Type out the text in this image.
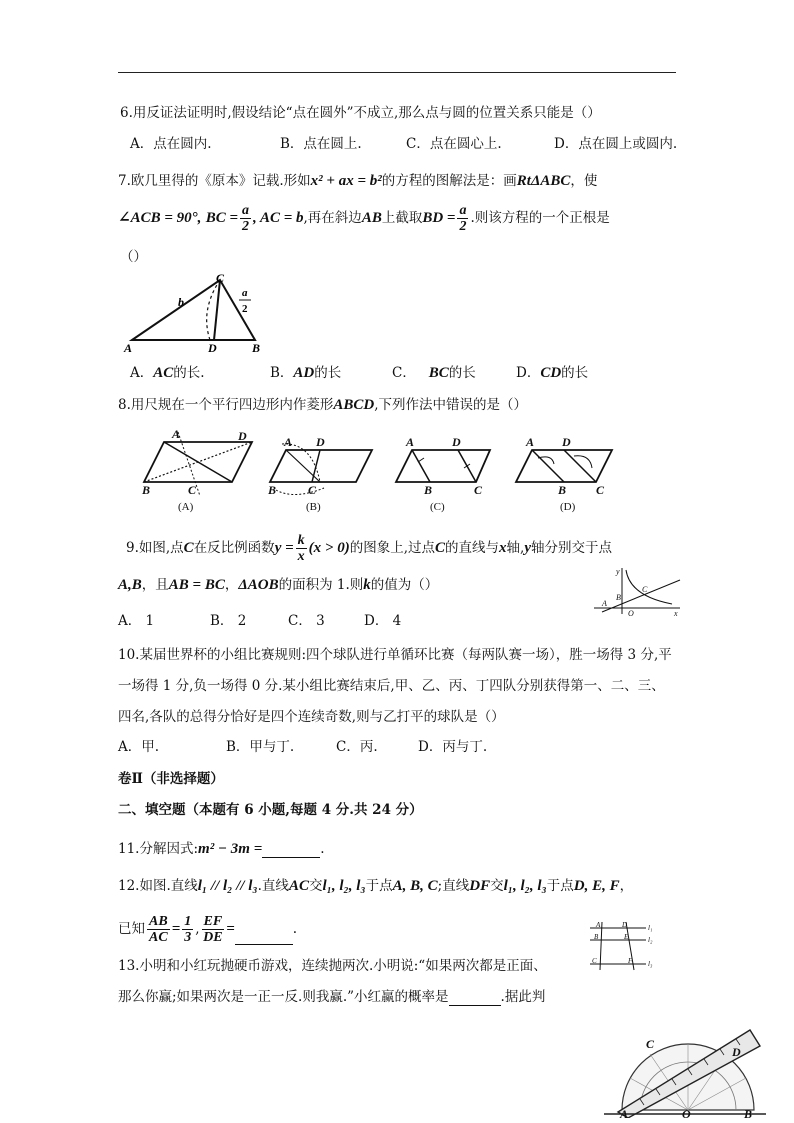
6.用反证法证明时,假设结论“点在圆外”不成立,那么点与圆的位置关系只能是（）
A．点在圆内.	B．点在圆上.	C．点在圆心上.	D．点在圆上或圆内.
7.欧几里得的《原本》记载.形如x² + ax = b²的方程的图解法是：画RtΔABC，使
∠ACB = 90°, BC = $\frac{a}{2}$ , AC = b,再在斜边AB上截取BD = $\frac{a}{2}$ .则该方程的一个正根是
（）
A	B
C
D
b
a
2
A．AC的长.	B．AD的长	C． BC的长	D．CD的长
8.用尺规在一个平行四边形内作菱形ABCD,下列作法中错误的是（）
A	D
B	C
(A)
A D
B	C
(B)
A	D
B	C
(C)
A D
B C
(D)
9.如图,点C在反比例函数$y = \frac{k}{x} (x > 0)$的图象上,过点C的直线与x轴,y轴分别交于点
A,B，且AB = BC，ΔAOB的面积为 1.则k的值为（）
A． 1	B． 2	C． 3	D． 4
y
C
B
A
O	x
10.某届世界杯的小组比赛规则:四个球队进行单循环比赛（每两队赛一场），胜一场得 3 分,平
一场得 1 分,负一场得 0 分.某小组比赛结束后,甲、乙、丙、丁四队分别获得第一、二、三、
四名,各队的总得分恰好是四个连续奇数,则与乙打平的球队是（）
A．甲.	B．甲与丁.	C．丙.	D．丙与丁.
卷Ⅱ（非选择题）
二、填空题（本题有 6 小题,每题 4 分.共 24 分）
11.分解因式:m² − 3m =	.
12.如图.直线l₁ // l₂ // l₃.直线AC交l₁, l₂, l₃于点A, B, C;直线DF交l₁, l₂, l₃于点D, E, F，
已知 $\frac{AB}{AC} = \frac{1}{3}$ , $\frac{EF}{DE}$ =	.	A	D
B	E
C	F
l₁
l₂
l₃
13.小明和小红玩抛硬币游戏，连续抛两次.小明说:“如果两次都是正面、
那么你赢;如果两次是一正一反.则我赢.”小红赢的概率是	.据此判
C
D
A	O	B
